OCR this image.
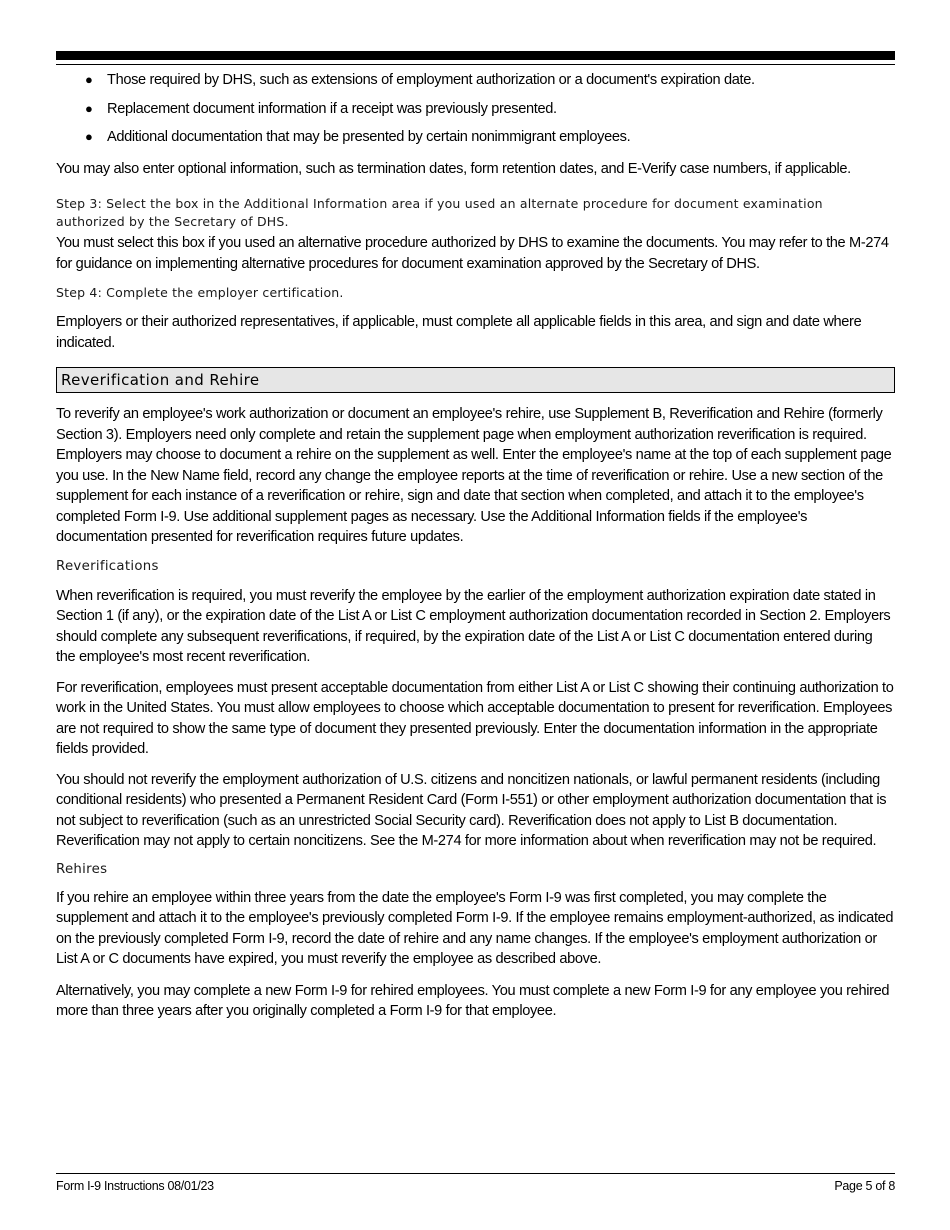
● Those required by DHS, such as extensions of employment authorization or a document's expiration date.
● Replacement document information if a receipt was previously presented.
● Additional documentation that may be presented by certain nonimmigrant employees.

You may also enter optional information, such as termination dates, form retention dates, and E-Verify case numbers, if applicable.

Step 3: Select the box in the Additional Information area if you used an alternate procedure for document examination authorized by the Secretary of DHS.

You must select this box if you used an alternative procedure authorized by DHS to examine the documents. You may refer to the M-274 for guidance on implementing alternative procedures for document examination approved by the Secretary of DHS.

Step 4: Complete the employer certification.

Employers or their authorized representatives, if applicable, must complete all applicable fields in this area, and sign and date where indicated.

Reverification and Rehire

To reverify an employee's work authorization or document an employee's rehire, use Supplement B, Reverification and Rehire (formerly Section 3). Employers need only complete and retain the supplement page when employment authorization reverification is required. Employers may choose to document a rehire on the supplement as well. Enter the employee's name at the top of each supplement page you use. In the New Name field, record any change the employee reports at the time of reverification or rehire. Use a new section of the supplement for each instance of a reverification or rehire, sign and date that section when completed, and attach it to the employee's completed Form I-9. Use additional supplement pages as necessary. Use the Additional Information fields if the employee's documentation presented for reverification requires future updates.

Reverifications

When reverification is required, you must reverify the employee by the earlier of the employment authorization expiration date stated in Section 1 (if any), or the expiration date of the List A or List C employment authorization documentation recorded in Section 2. Employers should complete any subsequent reverifications, if required, by the expiration date of the List A or List C documentation entered during the employee's most recent reverification.

For reverification, employees must present acceptable documentation from either List A or List C showing their continuing authorization to work in the United States. You must allow employees to choose which acceptable documentation to present for reverification. Employees are not required to show the same type of document they presented previously. Enter the documentation information in the appropriate fields provided.

You should not reverify the employment authorization of U.S. citizens and noncitizen nationals, or lawful permanent residents (including conditional residents) who presented a Permanent Resident Card (Form I-551) or other employment authorization documentation that is not subject to reverification (such as an unrestricted Social Security card). Reverification does not apply to List B documentation. Reverification may not apply to certain noncitizens. See the M-274 for more information about when reverification may not be required.

Rehires

If you rehire an employee within three years from the date the employee's Form I-9 was first completed, you may complete the supplement and attach it to the employee's previously completed Form I-9. If the employee remains employment-authorized, as indicated on the previously completed Form I-9, record the date of rehire and any name changes. If the employee's employment authorization or List A or C documents have expired, you must reverify the employee as described above.

Alternatively, you may complete a new Form I-9 for rehired employees. You must complete a new Form I-9 for any employee you rehired more than three years after you originally completed a Form I-9 for that employee.

Form I-9 Instructions 08/01/23	Page 5 of 8
